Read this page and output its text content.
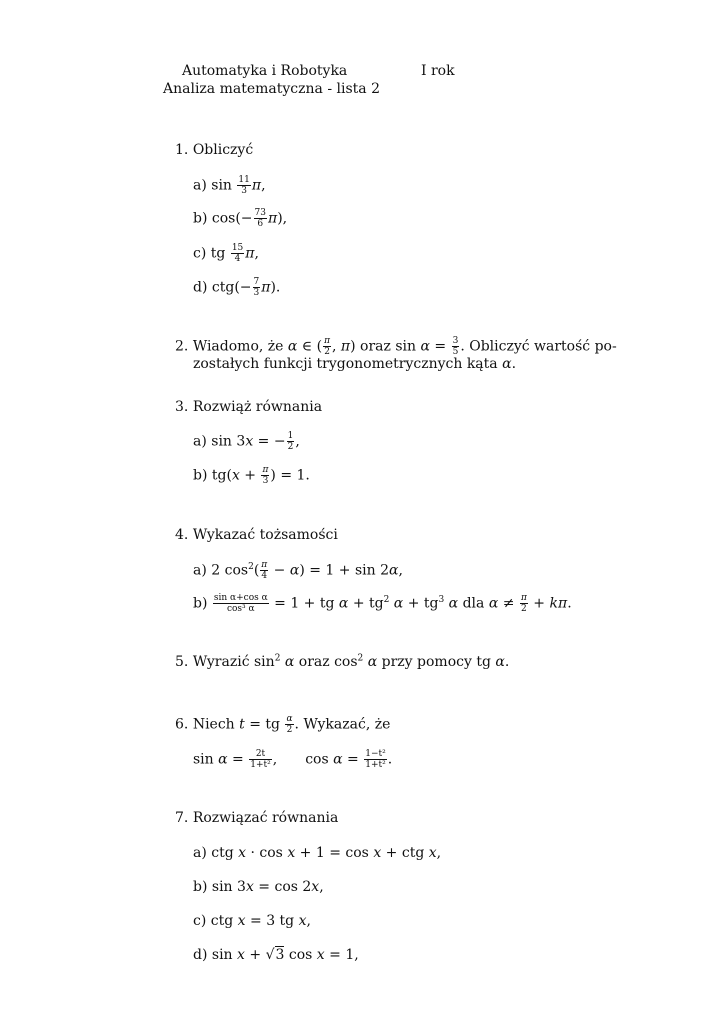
Automatyka i Robotyka	I rok
Analiza matematyczna - lista 2
1. Obliczyć
a) $\sin \frac{11}{3} \pi$,
b) $\cos(- \frac{73}{6} \pi)$,
c) tg $\frac{15}{4} \pi$,
d) $ctg(- \frac{7}{3} \pi)$.
2. Wiadomo, że α ∈ ( $\frac{\pi}{2}$ , π) oraz $\sin \alpha = \frac{3}{5}$ . Obliczyć wartość po-
zostałych funkcji trygonometrycznych kąta α.
3. Rozwiąż równania
a) sin 3x = − $\frac{1}{2}$ ,
b) $tg(x + \frac{\pi}{3}$ ) = 1.
4. Wykazać tożsamości
a) 2 $\cos^2( \frac{\pi}{4} - \alpha) = 1 + \sin 2\alpha$,
$b) \frac{\text{sin α+cos α}}{\text{cos³ α}} = 1$ + tg $\alpha + tg^2$ $\alpha + tg^3$ α dla $\alpha \ne \frac{\pi}{2} + k\pi$.
5. Wyrazić $\sin^2 \alpha$ oraz $\cos^2 \alpha$ przy pomocy tg α.
6. Niech t = tg $\frac{\alpha}{2}$ . Wykazać, że
$\sin \alpha = \frac{2t}{\text{1+t²}}$ , $\cos \alpha = \frac{\text{1−t²}}{\text{1+t²}}$ .
7. Rozwiązać równania
a) ctg x · cos x + 1 = cos x + ctg x,
b) sin 3x = cos 2x,
c) ctg x = 3 tg x,
d) sin x + √3 cos x = 1,
